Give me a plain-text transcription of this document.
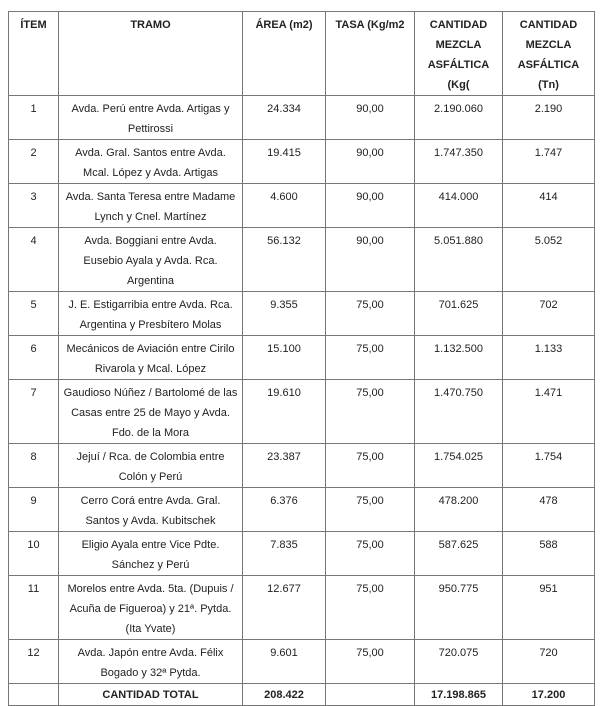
ÍTEM	TRAMO	ÁREA (m2)	TASA (Kg/m2	CANTIDAD MEZCLA ASFÁLTICA (Kg(	CANTIDAD MEZCLA ASFÁLTICA (Tn)
1	Avda. Perú entre Avda. Artigas y Pettirossi	24.334	90,00	2.190.060	2.190
2	Avda. Gral. Santos entre Avda. Mcal. López y Avda. Artigas	19.415	90,00	1.747.350	1.747
3	Avda. Santa Teresa entre Madame Lynch y Cnel. Martínez	4.600	90,00	414.000	414
4	Avda. Boggiani entre Avda. Eusebio Ayala y Avda. Rca. Argentina	56.132	90,00	5.051.880	5.052
5	J. E. Estigarribia entre Avda. Rca. Argentina y Presbítero Molas	9.355	75,00	701.625	702
6	Mecánicos de Aviación entre Cirilo Rivarola y Mcal. López	15.100	75,00	1.132.500	1.133
7	Gaudioso Núñez / Bartolomé de las Casas entre 25 de Mayo y Avda. Fdo. de la Mora	19.610	75,00	1.470.750	1.471
8	Jejuí / Rca. de Colombia entre Colón y Perú	23.387	75,00	1.754.025	1.754
9	Cerro Corá entre Avda. Gral. Santos y Avda. Kubitschek	6.376	75,00	478.200	478
10	Eligio Ayala entre Vice Pdte. Sánchez y Perú	7.835	75,00	587.625	588
11	Morelos entre Avda. 5ta. (Dupuis / Acuña de Figueroa) y 21ª. Pytda. (Ita Yvate)	12.677	75,00	950.775	951
12	Avda. Japón entre Avda. Félix Bogado y 32ª Pytda.	9.601	75,00	720.075	720
	CANTIDAD TOTAL	208.422		17.198.865	17.200
